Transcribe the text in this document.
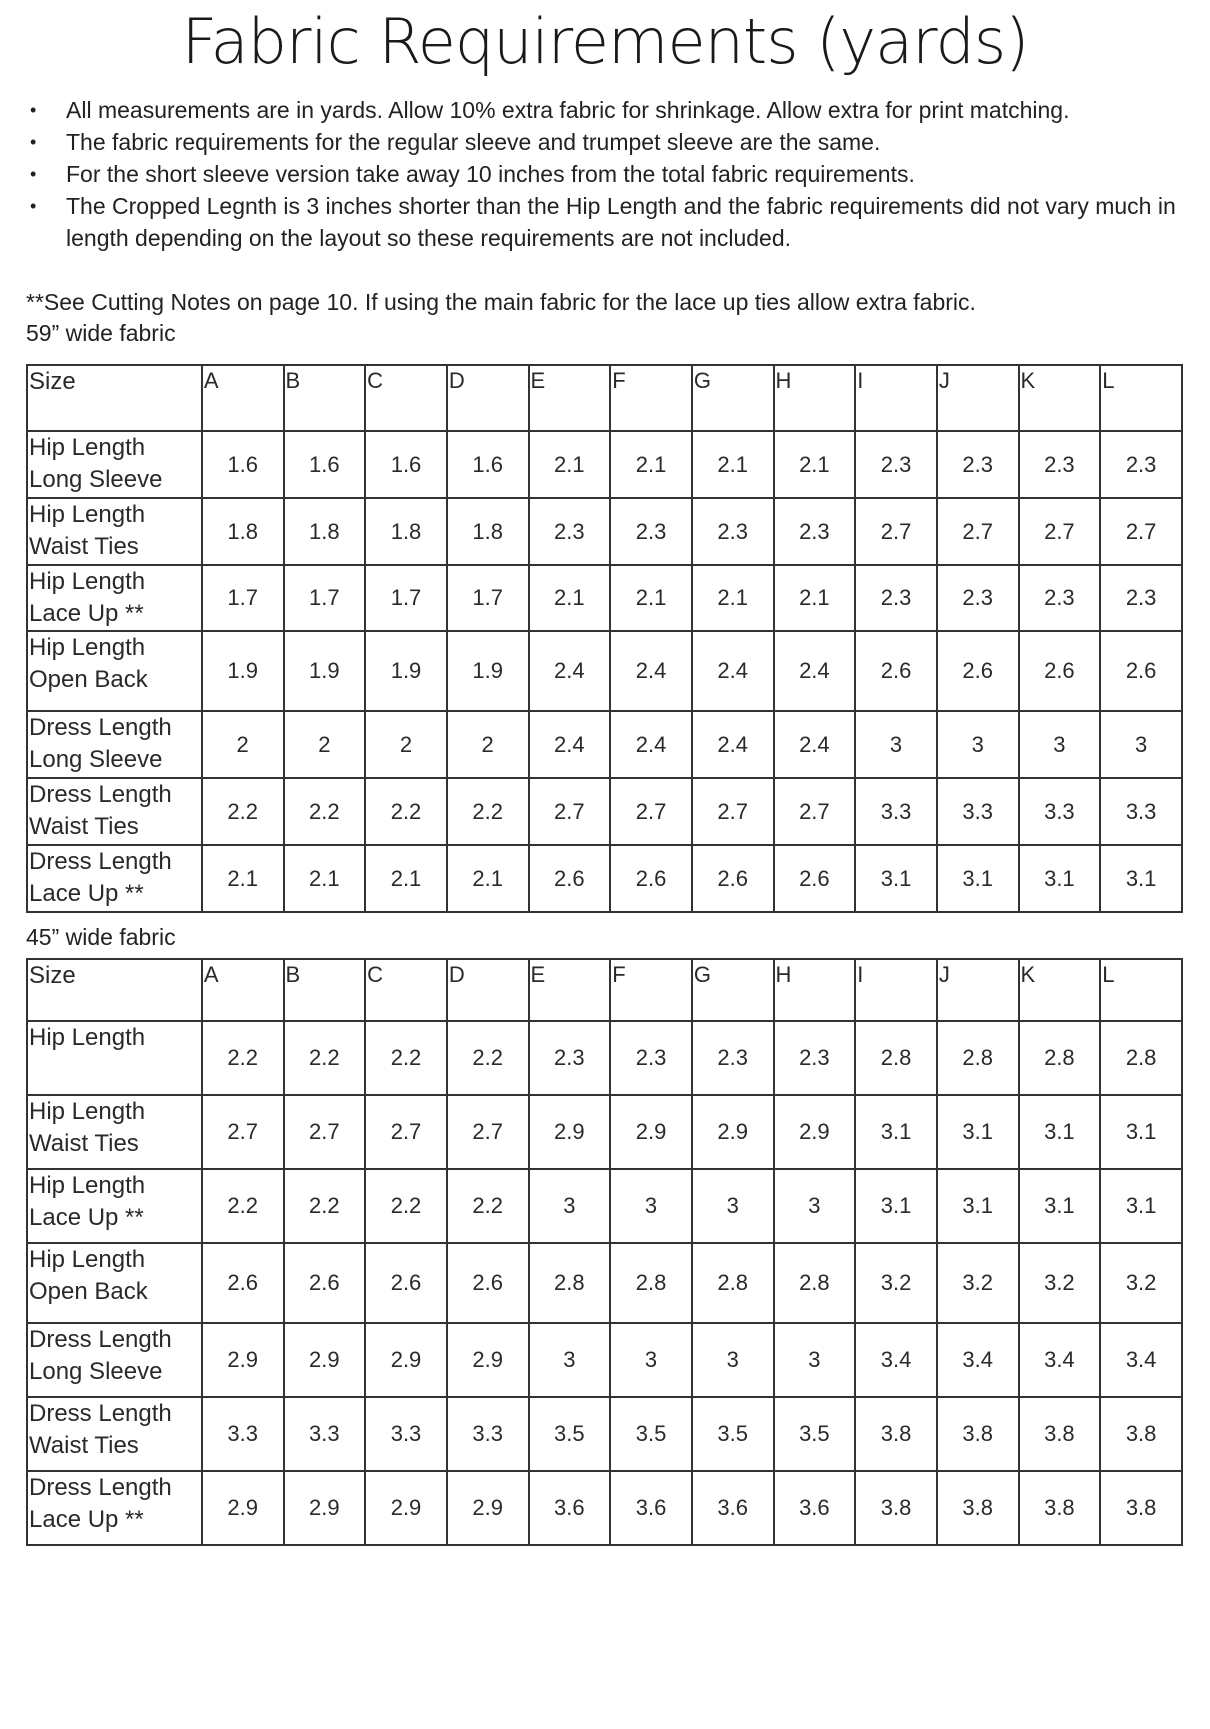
Fabric Requirements (yards)
• All measurements are in yards. Allow 10% extra fabric for shrinkage. Allow extra for print matching.
• The fabric requirements for the regular sleeve and trumpet sleeve are the same.
• For the short sleeve version take away 10 inches from the total fabric requirements.
• The Cropped Legnth is 3 inches shorter than the Hip Length and the fabric requirements did not vary much in length depending on the layout so these requirements are not included.
**See Cutting Notes on page 10. If using the main fabric for the lace up ties allow extra fabric.
59” wide fabric
Size	A	B	C	D	E	F	G	H	I	J	K	L

Hip Length
Long Sleeve	1.6	1.6	1.6	1.6	2.1	2.1	2.1	2.1	2.3	2.3	2.3	2.3

Hip Length
Waist Ties	1.8	1.8	1.8	1.8	2.3	2.3	2.3	2.3	2.7	2.7	2.7	2.7

Hip Length
Lace Up **	1.7	1.7	1.7	1.7	2.1	2.1	2.1	2.1	2.3	2.3	2.3	2.3

Hip Length
Open Back	1.9	1.9	1.9	1.9	2.4	2.4	2.4	2.4	2.6	2.6	2.6	2.6

Dress Length
Long Sleeve	2	2	2	2	2.4	2.4	2.4	2.4	3	3	3	3

Dress Length
Waist Ties	2.2	2.2	2.2	2.2	2.7	2.7	2.7	2.7	3.3	3.3	3.3	3.3

Dress Length
Lace Up **	2.1	2.1	2.1	2.1	2.6	2.6	2.6	2.6	3.1	3.1	3.1	3.1
45” wide fabric
Size	A	B	C	D	E	F	G	H	I	J	K	L

Hip Length	2.2	2.2	2.2	2.2	2.3	2.3	2.3	2.3	2.8	2.8	2.8	2.8

Hip Length
Waist Ties	2.7	2.7	2.7	2.7	2.9	2.9	2.9	2.9	3.1	3.1	3.1	3.1

Hip Length
Lace Up **	2.2	2.2	2.2	2.2	3	3	3	3	3.1	3.1	3.1	3.1

Hip Length
Open Back	2.6	2.6	2.6	2.6	2.8	2.8	2.8	2.8	3.2	3.2	3.2	3.2

Dress Length
Long Sleeve	2.9	2.9	2.9	2.9	3	3	3	3	3.4	3.4	3.4	3.4

Dress Length
Waist Ties	3.3	3.3	3.3	3.3	3.5	3.5	3.5	3.5	3.8	3.8	3.8	3.8

Dress Length
Lace Up **	2.9	2.9	2.9	2.9	3.6	3.6	3.6	3.6	3.8	3.8	3.8	3.8
